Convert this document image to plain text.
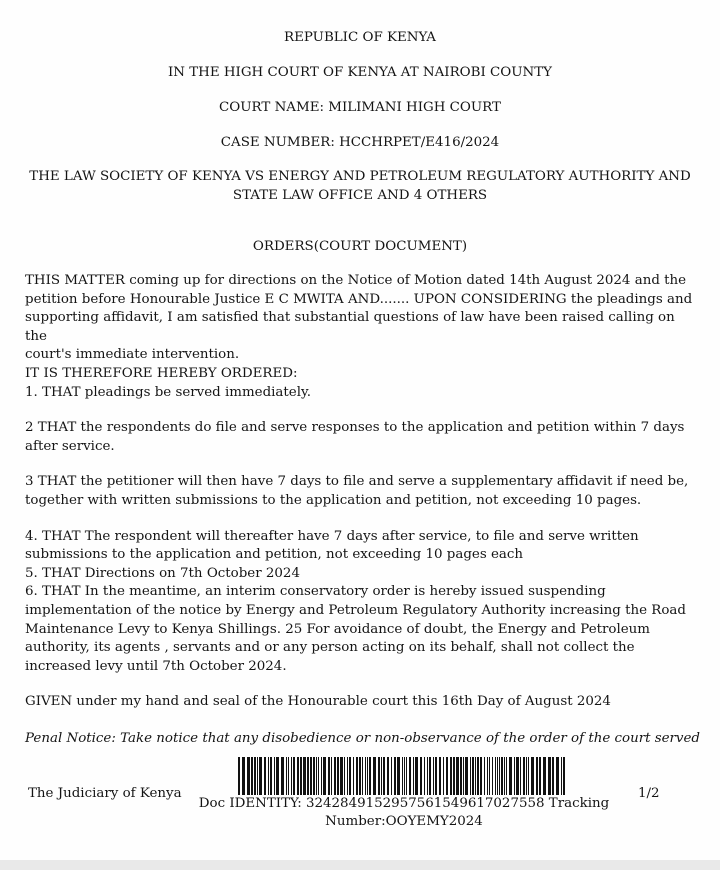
REPUBLIC OF KENYA
IN THE HIGH COURT OF KENYA AT NAIROBI COUNTY
COURT NAME: MILIMANI HIGH COURT
CASE NUMBER: HCCHRPET/E416/2024
THE LAW SOCIETY OF KENYA VS ENERGY AND PETROLEUM REGULATORY AUTHORITY AND
STATE LAW OFFICE AND 4 OTHERS
ORDERS(COURT DOCUMENT)

THIS MATTER coming up for directions on the Notice of Motion dated 14th August 2024 and the

petition before Honourable Justice E C MWITA AND....... UPON CONSIDERING the pleadings and

supporting affidavit, I am satisfied that substantial questions of law have been raised calling on the

court's immediate intervention.

IT IS THEREFORE HEREBY ORDERED:

1. THAT pleadings be served immediately.

2 THAT the respondents do file and serve responses to the application and petition within 7 days

after service.

3 THAT the petitioner will then have 7 days to file and serve a supplementary affidavit if need be,

together with written submissions to the application and petition, not exceeding 10 pages.

4. THAT The respondent will thereafter have 7 days after service, to file and serve written

submissions to the application and petition, not exceeding 10 pages each

5. THAT Directions on 7th October 2024

6. THAT In the meantime, an interim conservatory order is hereby issued suspending

implementation of the notice by Energy and Petroleum Regulatory Authority increasing the Road

Maintenance Levy to Kenya Shillings. 25 For avoidance of doubt, the Energy and Petroleum

authority, its agents , servants and or any person acting on its behalf, shall not collect the

increased levy until 7th October 2024.

GIVEN under my hand and seal of the Honourable court this 16th Day of August 2024

Penal Notice: Take notice that any disobedience or non-observance of the order of the court served
The Judiciary of Kenya
Doc IDENTITY: 3242849152957561549617027558 Tracking
Number:OOYEMY2024
1/2
